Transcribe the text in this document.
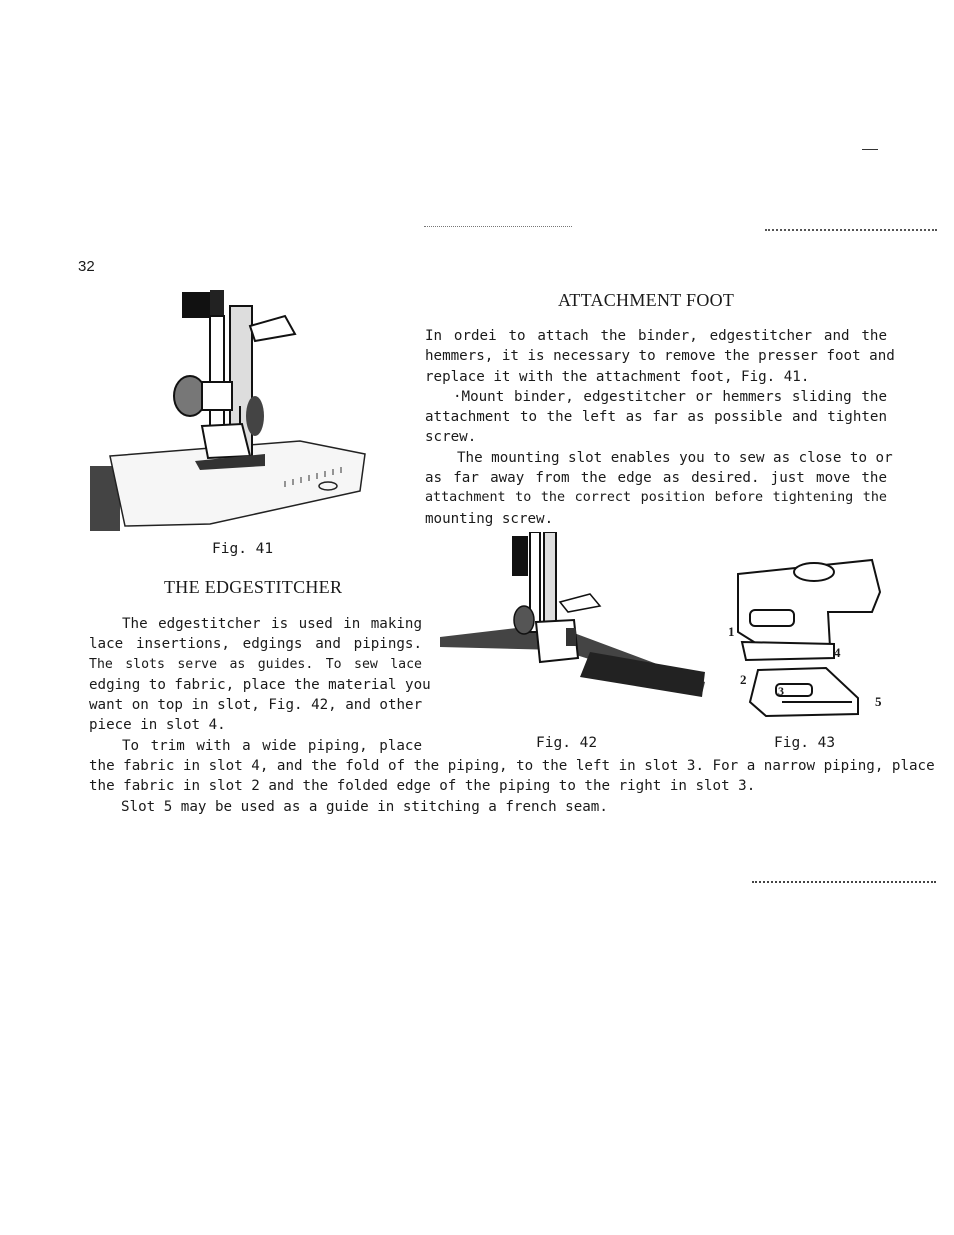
32
Fig. 41
ATTACHMENT FOOT
In ordei to attach the binder, edgestitcher and the
hemmers, it is necessary to remove the presser foot and
replace it with the attachment foot, Fig. 41.
·Mount binder, edgestitcher or hemmers sliding the
attachment to the left as far as possible and tighten
screw.
The mounting slot enables you to sew as close to or
as far away from the edge as desired. just move the
attachment to the correct position before tightening the
mounting screw.
THE EDGESTITCHER
The edgestitcher is used in making
lace insertions, edgings and pipings.
The slots serve as guides. To sew lace
edging to fabric, place the material you
want on top in slot, Fig. 42, and other
piece in slot 4.
To trim with a wide piping, place	Fig. 42
1
2
3
4
5
Fig. 43
the fabric in slot 4, and the fold of the piping, to the left in slot 3. For a narrow piping, place
the fabric in slot 2 and the folded edge of the piping to the right in slot 3.
Slot 5 may be used as a guide in stitching a french seam.
